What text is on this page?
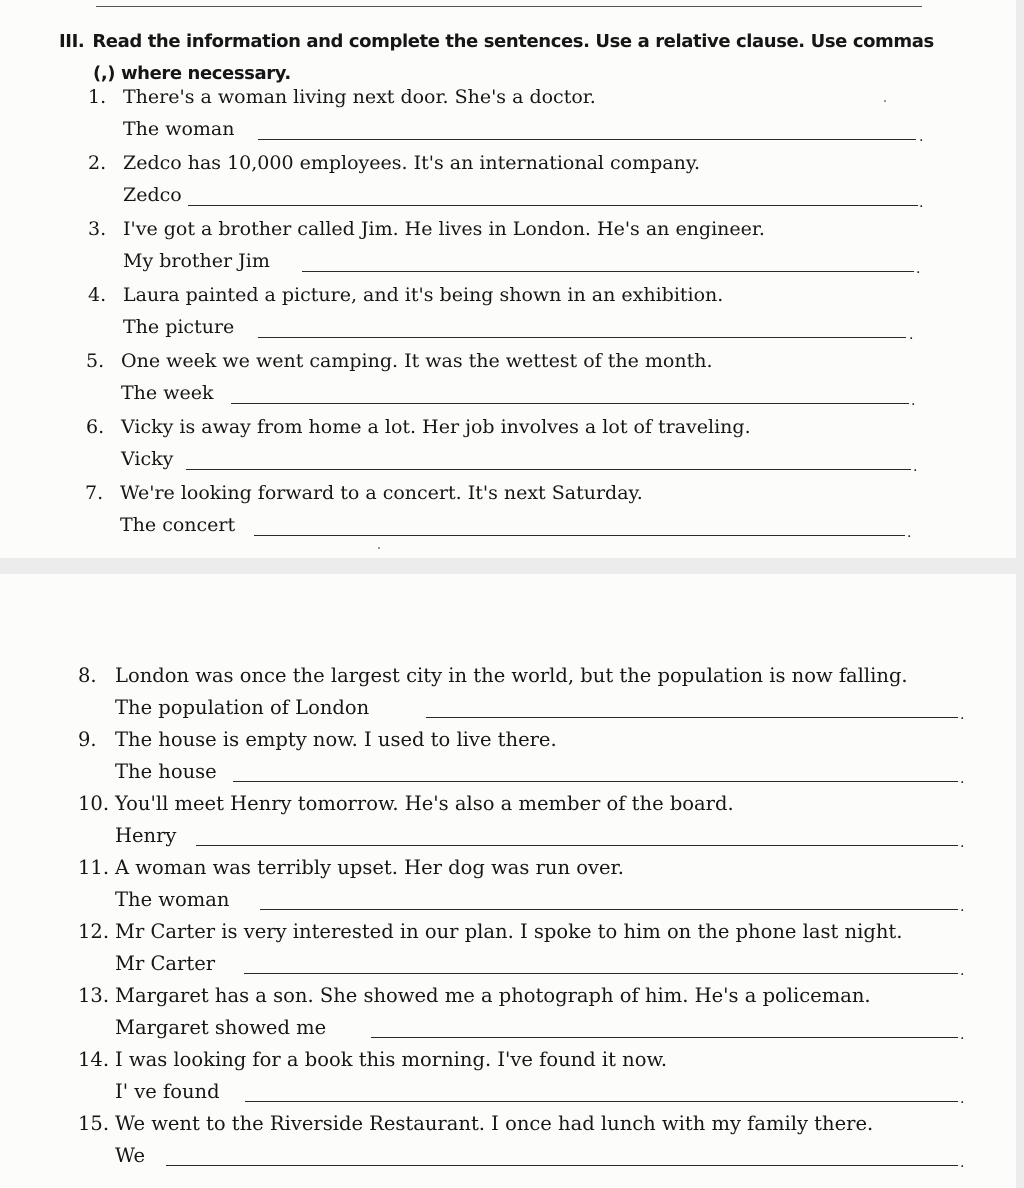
III. Read the information and complete the sentences. Use a relative clause. Use commas
(,) where necessary.
1. There's a woman living next door. She's a doctor.
The woman	.
2. Zedco has 10,000 employees. It's an international company.
Zedco	.
3. I've got a brother called Jim. He lives in London. He's an engineer.
My brother Jim	.
4. Laura painted a picture, and it's being shown in an exhibition.
The picture	.
5. One week we went camping. It was the wettest of the month.
The week	.
6. Vicky is away from home a lot. Her job involves a lot of traveling.
Vicky	.
7. We're looking forward to a concert. It's next Saturday.
The concert	.
8. London was once the largest city in the world, but the population is now falling.
The population of London	.
9. The house is empty now. I used to live there.
The house	.
10. You'll meet Henry tomorrow. He's also a member of the board.
Henry	.
11. A woman was terribly upset. Her dog was run over.
The woman	.
12. Mr Carter is very interested in our plan. I spoke to him on the phone last night.
Mr Carter	.
13. Margaret has a son. She showed me a photograph of him. He's a policeman.
Margaret showed me	.
14. I was looking for a book this morning. I've found it now.
I' ve found	.
15. We went to the Riverside Restaurant. I once had lunch with my family there.
We	.
